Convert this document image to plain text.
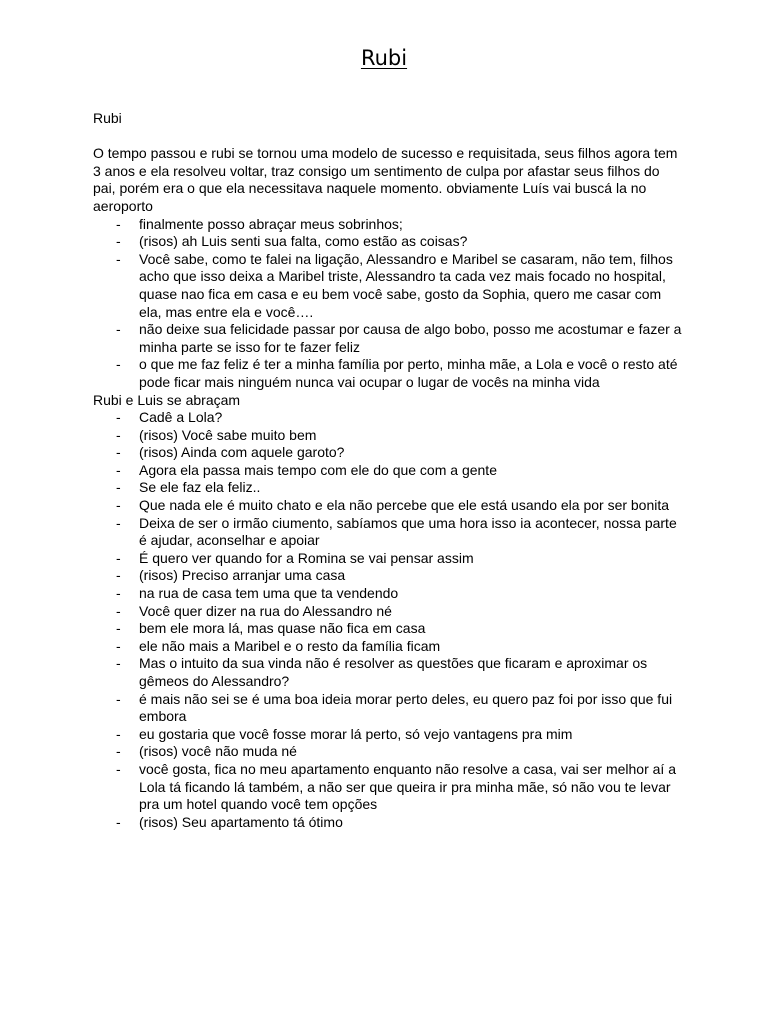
Rubi

Rubi

O tempo passou e rubi se tornou uma modelo de sucesso e requisitada, seus filhos agora tem 3 anos e ela resolveu voltar, traz consigo um sentimento de culpa por afastar seus filhos do pai, porém era o que ela necessitava naquele momento. obviamente Luís vai buscá la no aeroporto

- finalmente posso abraçar meus sobrinhos;
- (risos) ah Luis senti sua falta, como estão as coisas?
- Você sabe, como te falei na ligação, Alessandro e Maribel se casaram, não tem, filhos acho que isso deixa a Maribel triste, Alessandro ta cada vez mais focado no hospital, quase nao fica em casa e eu bem você sabe, gosto da Sophia, quero me casar com ela, mas entre ela e você….
- não deixe sua felicidade passar por causa de algo bobo, posso me acostumar e fazer a minha parte se isso for te fazer feliz
- o que me faz feliz é ter a minha família por perto, minha mãe, a Lola e você o resto até pode ficar mais ninguém nunca vai ocupar o lugar de vocês na minha vida

Rubi e Luis se abraçam

- Cadê a Lola?
- (risos) Você sabe muito bem
- (risos) Ainda com aquele garoto?
- Agora ela passa mais tempo com ele do que com a gente
- Se ele faz ela feliz..
- Que nada ele é muito chato e ela não percebe que ele está usando ela por ser bonita
- Deixa de ser o irmão ciumento, sabíamos que uma hora isso ia acontecer, nossa parte é ajudar, aconselhar e apoiar
- É quero ver quando for a Romina se vai pensar assim
- (risos) Preciso arranjar uma casa
- na rua de casa tem uma que ta vendendo
- Você quer dizer na rua do Alessandro né
- bem ele mora lá, mas quase não fica em casa
- ele não mais a Maribel e o resto da família ficam
- Mas o intuito da sua vinda não é resolver as questões que ficaram e aproximar os gêmeos do Alessandro?
- é mais não sei se é uma boa ideia morar perto deles, eu quero paz foi por isso que fui embora
- eu gostaria que você fosse morar lá perto, só vejo vantagens pra mim
- (risos) você não muda né
- você gosta, fica no meu apartamento enquanto não resolve a casa, vai ser melhor aí a Lola tá ficando lá também, a não ser que queira ir pra minha mãe, só não vou te levar pra um hotel quando você tem opções
- (risos) Seu apartamento tá ótimo
